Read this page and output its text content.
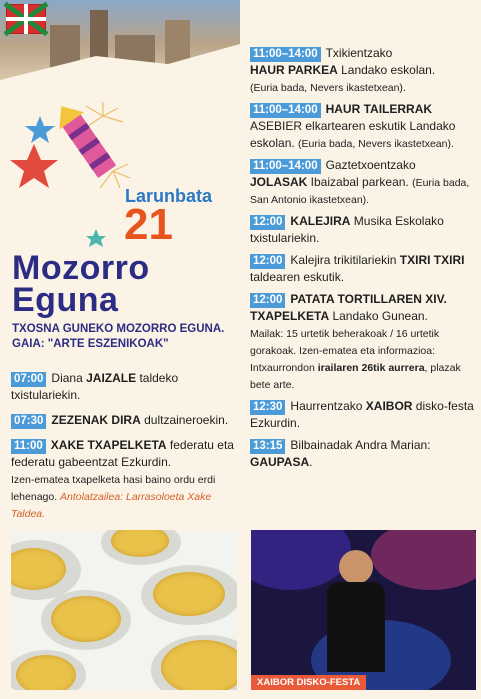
Larunbata
21
Mozorro
Eguna
TXOSNA GUNEKO MOZORRO EGUNA. GAIA: "ARTE ESZENIKOAK"
07:00 Diana JAIZALE taldeko txistulariekin.
07:30 ZEZENAK DIRA dultzaineroekin.
11:00 XAKE TXAPELKETA federatu eta federatu gabeentzat Ezkurdin.
Izen-ematea txapelketa hasi baino ordu erdi lehenago. Antolatzailea: Larrasoloeta Xake Taldea.
11:00–14:00 Txikientzako
HAUR PARKEA Landako eskolan.
(Euria bada, Nevers ikastetxean).
11:00–14:00 HAUR TAILERRAK ASEBIER elkartearen eskutik Landako eskolan. (Euria bada, Nevers ikastetxean).
11:00–14:00 Gaztetxoentzako
JOLASAK Ibaizabal parkean. (Euria bada, San Antonio ikastetxean).
12:00 KALEJIRA Musika Eskolako txistulariekin.
12:00 Kalejira trikitilariekin TXIRI TXIRI taldearen eskutik.
12:00 PATATA TORTILLAREN XIV. TXAPELKETA Landako Gunean.
Mailak: 15 urtetik beherakoak / 16 urtetik gorakoak. Izen-ematea eta informazioa: Intxaurrondon irailaren 26tik aurrera, plazak bete arte.
12:30 Haurrentzako XAIBOR disko-festa Ezkurdin.
13:15 Bilbainadak Andra Marian: GAUPASA.
XAIBOR DISKO-FESTA
